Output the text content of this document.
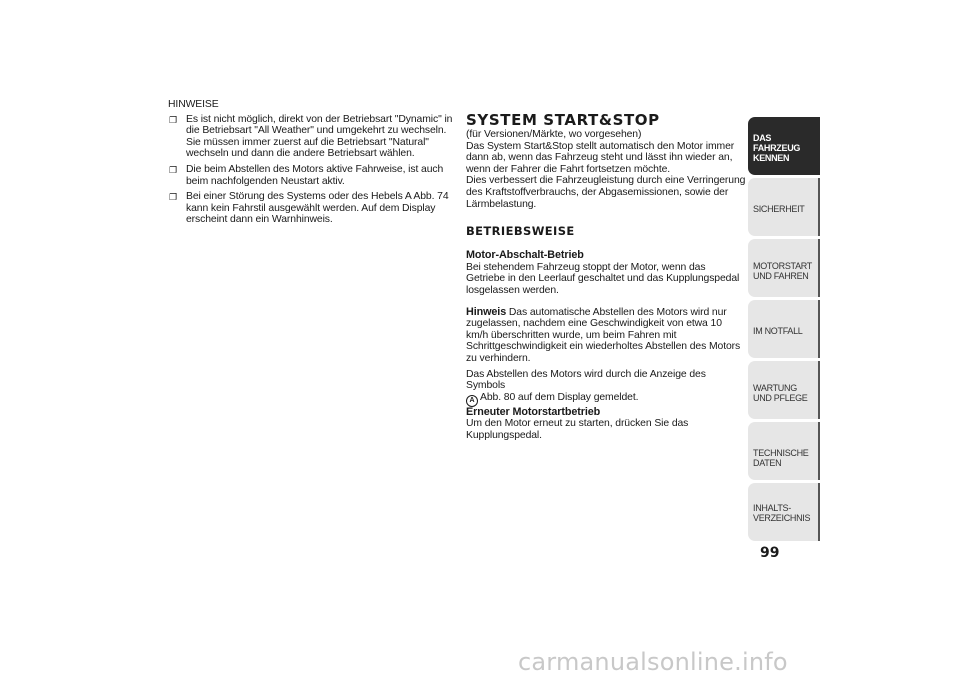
HINWEISE

❐ Es ist nicht möglich, direkt von der Betriebsart "Dynamic" in die Betriebsart "All Weather" und umgekehrt zu wechseln. Sie müssen immer zuerst auf die Betriebsart "Natural" wechseln und dann die andere Betriebsart wählen.
❐ Die beim Abstellen des Motors aktive Fahrweise, ist auch beim nachfolgenden Neustart aktiv.
❐ Bei einer Störung des Systems oder des Hebels A Abb. 74 kann kein Fahrstil ausgewählt werden. Auf dem Display erscheint dann ein Warnhinweis.
SYSTEM START&STOP

(für Versionen/Märkte, wo vorgesehen)

Das System Start&Stop stellt automatisch den Motor immer dann ab, wenn das Fahrzeug steht und lässt ihn wieder an, wenn der Fahrer die Fahrt fortsetzen möchte.

Dies verbessert die Fahrzeugleistung durch eine Verringerung des Kraftstoffverbrauchs, der Abgasemissionen, sowie der Lärmbelastung.

BETRIEBSWEISE

Motor-Abschalt-Betrieb

Bei stehendem Fahrzeug stoppt der Motor, wenn das Getriebe in den Leerlauf geschaltet und das Kupplungspedal losgelassen werden.

Hinweis Das automatische Abstellen des Motors wird nur zugelassen, nachdem eine Geschwindigkeit von etwa 10 km/h überschritten wurde, um beim Fahren mit Schrittgeschwindigkeit ein wiederholtes Abstellen des Motors zu verhindern.

Das Abstellen des Motors wird durch die Anzeige des Symbols
A Abb. 80 auf dem Display gemeldet.

Erneuter Motorstartbetrieb

Um den Motor erneut zu starten, drücken Sie das Kupplungspedal.

DAS FAHRZEUG KENNEN
SICHERHEIT
MOTORSTART UND FAHREN
IM NOTFALL
WARTUNG UND PFLEGE
TECHNISCHE DATEN
INHALTS- VERZEICHNIS
99
carmanualsonline.info
